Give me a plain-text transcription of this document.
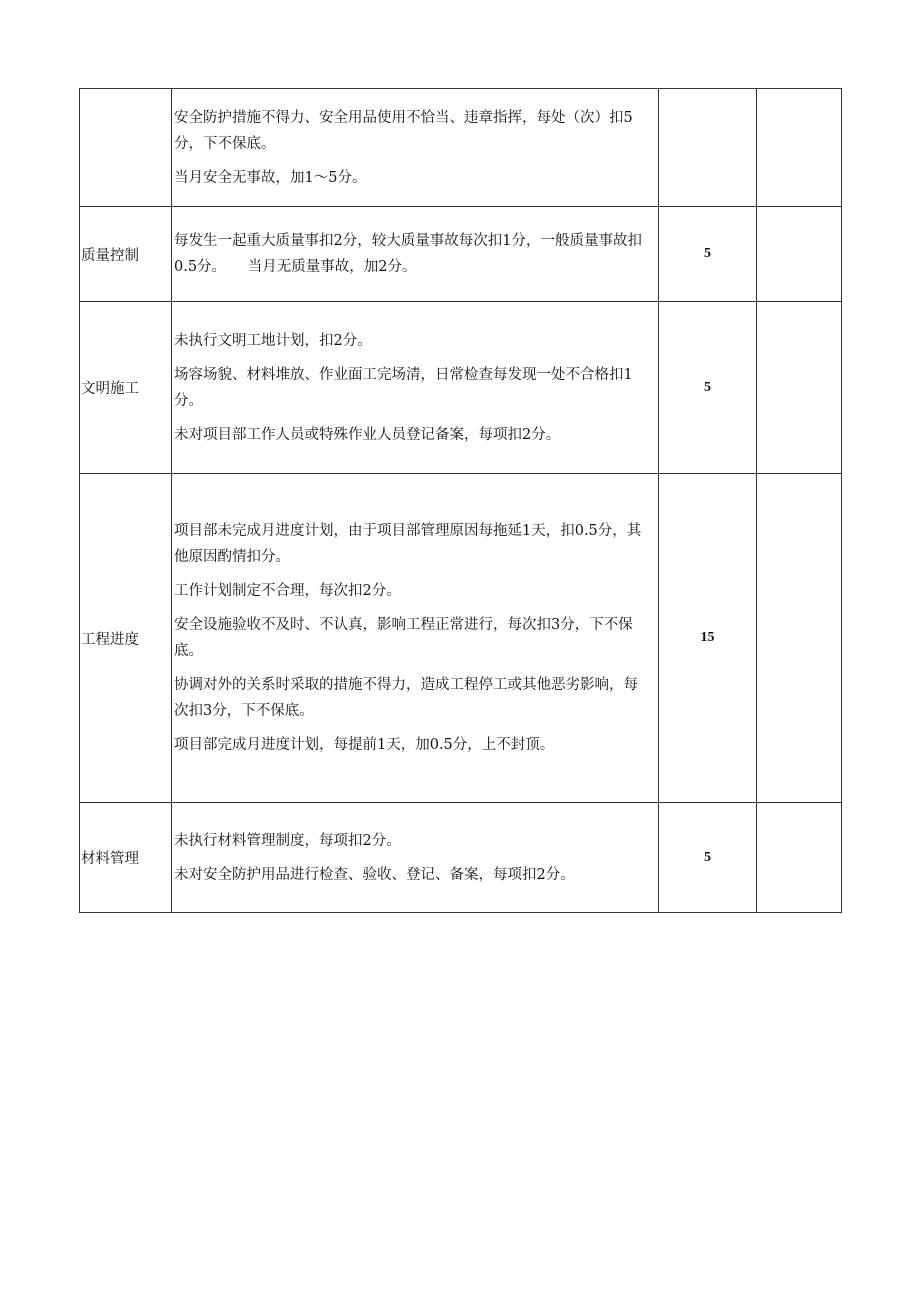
	安全防护措施不得力、安全用品使用不恰当、违章指挥，每处（次）扣5分，下不保底。

当月安全无事故，加1～5分。		

质量控制	每发生一起重大质量事扣2分，较大质量事故每次扣1分，一般质量事故扣0.5分。　　当月无质量事故，加2分。	5	
文明施工	未执行文明工地计划，扣2分。

场容场貌、材料堆放、作业面工完场清，日常检查每发现一处不合格扣1分。

未对项目部工作人员或特殊作业人员登记备案，每项扣2分。	5	
工程进度	项目部未完成月进度计划，由于项目部管理原因每拖延1天，扣0.5分，其他原因酌情扣分。

工作计划制定不合理，每次扣2分。

安全设施验收不及时、不认真，影响工程正常进行，每次扣3分，下不保底。

协调对外的关系时采取的措施不得力，造成工程停工或其他恶劣影响，每次扣3分，下不保底。

项目部完成月进度计划，每提前1天，加0.5分，上不封顶。	15	
材料管理	未执行材料管理制度，每项扣2分。

未对安全防护用品进行检查、验收、登记、备案，每项扣2分。	5	
